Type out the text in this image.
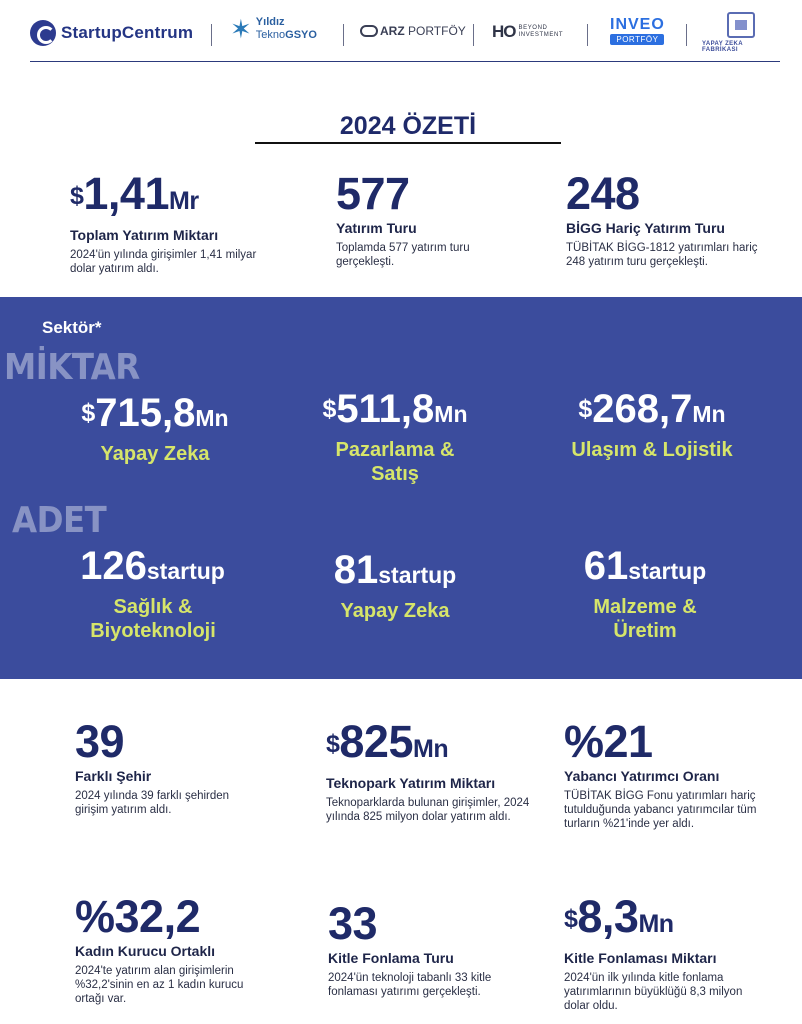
StartupCentrum ✶ Yıldız
TeknoGSYO	ARZ PORTFÖY HO BEYOND
INVESTMENT
INVEO
PORTFÖY	YAPAY ZEKA FABRİKASI
2024 ÖZETİ
$1,41Mr
Toplam Yatırım Miktarı
2024'ün yılında girişimler 1,41 milyar dolar yatırım aldı.
577
Yatırım Turu
Toplamda 577 yatırım turu gerçekleşti.
248
BİGG Hariç Yatırım Turu
TÜBİTAK BİGG-1812 yatırımları hariç 248 yatırım turu gerçekleşti.
Sektör*
MİKTAR
ADET
$715,8Mn
Yapay Zeka
$511,8Mn
Pazarlama & Satış
$268,7Mn
Ulaşım & Lojistik
126startup
Sağlık & Biyoteknoloji
81startup
Yapay Zeka
61startup
Malzeme & Üretim
39
Farklı Şehir
2024 yılında 39 farklı şehirden girişim yatırım aldı.
$825Mn
Teknopark Yatırım Miktarı
Teknoparklarda bulunan girişimler, 2024 yılında 825 milyon dolar yatırım aldı.
%21
Yabancı Yatırımcı Oranı
TÜBİTAK BİGG Fonu yatırımları hariç tutulduğunda yabancı yatırımcılar tüm turların %21'inde yer aldı.
%32,2
Kadın Kurucu Ortaklı
2024'te yatırım alan girişimlerin %32,2'sinin en az 1 kadın kurucu ortağı var.
33
Kitle Fonlama Turu
2024'ün teknoloji tabanlı 33 kitle fonlaması yatırımı gerçekleşti.
$8,3Mn
Kitle Fonlaması Miktarı
2024'ün ilk yılında kitle fonlama yatırımlarının büyüklüğü 8,3 milyon dolar oldu.
